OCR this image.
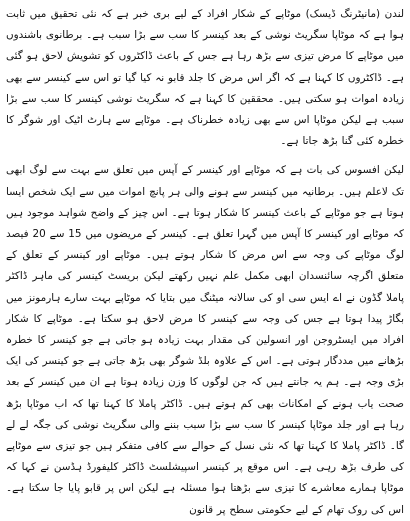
لندن (مانیٹرنگ ڈیسک) موٹاپے کے شکار افراد کے لیے بری خبر ہے کہ نئی تحقیق میں ثابت ہوا ہے کہ موٹاپا سگریٹ نوشی کے بعد کینسر کا سب سے بڑا سبب ہے۔ برطانوی باشندوں میں موٹاپے کا مرض تیزی سے بڑھ رہا ہے جس کے باعث ڈاکٹروں کو تشویش لاحق ہو گئی ہے۔ ڈاکٹروں کا کہنا ہے کہ اگر اس مرض کا جلد قابو نہ کیا گیا تو اس سے کینسر سے بھی زیادہ اموات ہو سکتی ہیں۔ محققین کا کہنا ہے کہ سگریٹ نوشی کینسر کا سب سے بڑا سبب ہے لیکن موٹاپا اس سے بھی زیادہ خطرناک ہے۔ موٹاپے سے ہارٹ اٹیک اور شوگر کا خطرہ کئی گنا بڑھ جاتا ہے۔

لیکن افسوس کی بات ہے کہ موٹاپے اور کینسر کے آپس میں تعلق سے بہت سے لوگ ابھی تک لاعلم ہیں۔ برطانیہ میں کینسر سے ہونے والی ہر پانچ اموات میں سے ایک شخص ایسا ہوتا ہے جو موٹاپے کے باعث کینسر کا شکار ہوتا ہے۔ اس چیز کے واضح شواہد موجود ہیں کہ موٹاپے اور کینسر کا آپس میں گہرا تعلق ہے۔ کینسر کے مریضوں میں 15 سے 20 فیصد لوگ موٹاپے کی وجہ سے اس مرض کا شکار ہوتے ہیں۔ موٹاپے اور کینسر کے تعلق کے متعلق اگرچہ سائنسدان ابھی مکمل علم نہیں رکھتے لیکن بریسٹ کینسر کی ماہر ڈاکٹر پاملا گڈون نے اے ایس سی او کی سالانہ میٹنگ میں بتایا کہ موٹاپے بہت سارے ہارمونز میں بگاڑ پیدا ہوتا ہے جس کی وجہ سے کینسر کا مرض لاحق ہو سکتا ہے۔ موٹاپے کا شکار افراد میں ایسٹروجن اور انسولین کی مقدار بہت زیادہ ہو جاتی ہے جو کینسر کا خطرہ بڑھانے میں مددگار ہوتی ہے۔ اس کے علاوہ بلڈ شوگر بھی بڑھ جاتی ہے جو کینسر کی ایک بڑی وجہ ہے۔ ہم یہ جانتے ہیں کہ جن لوگوں کا وزن زیادہ ہوتا ہے ان میں کینسر کے بعد صحت یاب ہونے کے امکانات بھی کم ہوتے ہیں۔ ڈاکٹر پاملا کا کہنا تھا کہ اب موٹاپا بڑھ رہا ہے اور جلد موٹاپا کینسر کا سب سے بڑا سبب بننے والی سگریٹ نوشی کی جگہ لے لے گا۔ ڈاکٹر پاملا کا کہنا تھا کہ نئی نسل کے حوالے سے کافی متفکر ہیں جو تیزی سے موٹاپے کی طرف بڑھ رہی ہے۔ اس موقع پر کینسر اسپیشلسٹ ڈاکٹر کلیفورڈ ہڈسن نے کہا کہ موٹاپا ہمارے معاشرے کا تیزی سے بڑھتا ہوا مسئلہ ہے لیکن اس پر قابو پایا جا سکتا ہے۔ اس کی روک تھام کے لیے حکومتی سطح پر قانون
